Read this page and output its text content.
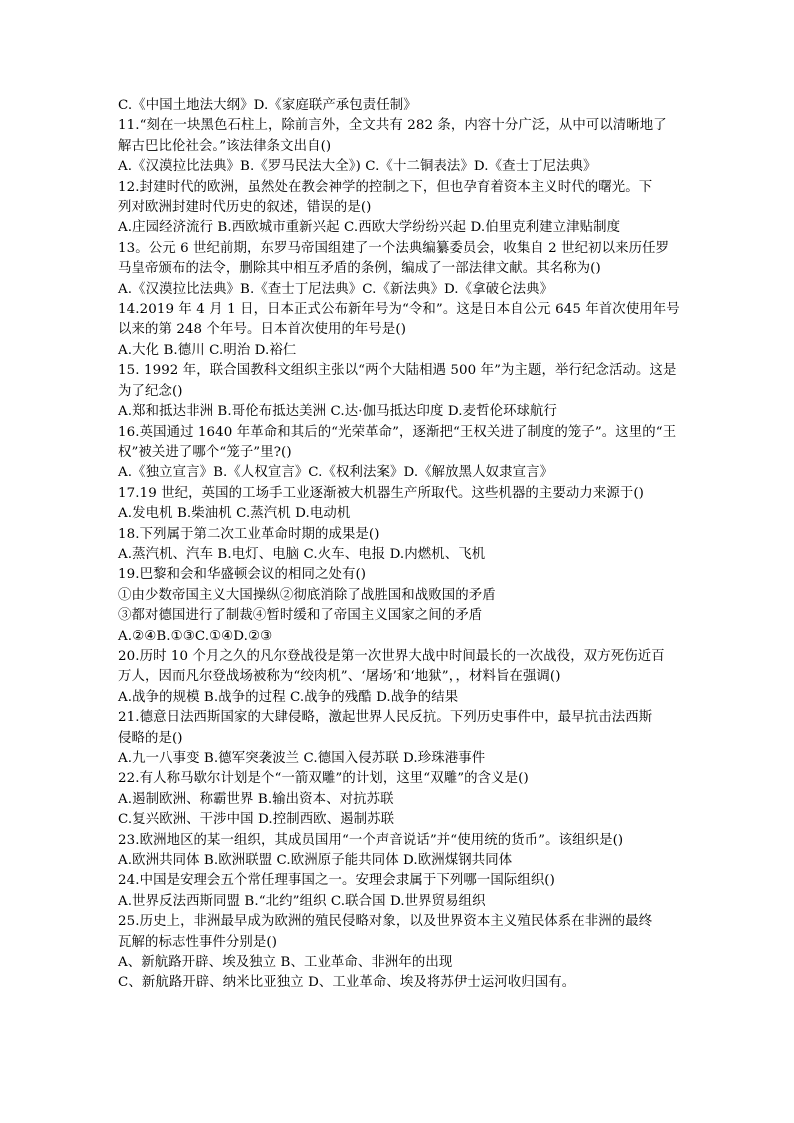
C.《中国土地法大纲》D.《家庭联产承包责任制》
11.“刻在一块黑色石柱上，除前言外，全文共有 282 条，内容十分广泛，从中可以清晰地了
解古巴比伦社会。”该法律条文出自()
A.《汉漠拉比法典》B.《罗马民法大全》) C.《十二铜表法》D.《查士丁尼法典》
12.封建时代的欧洲，虽然处在教会神学的控制之下，但也孕育着资本主义时代的曙光。下
列对欧洲封建时代历史的叙述，错误的是()
A.庄园经济流行 B.西欧城市重新兴起 C.西欧大学纷纷兴起 D.伯里克利建立津贴制度
13。公元 6 世纪前期，东罗马帝国组建了一个法典编纂委员会，收集自 2 世纪初以来历任罗
马皇帝颁布的法令，删除其中相互矛盾的条例，编成了一部法律文献。其名称为()
A.《汉漠拉比法典》B.《查士丁尼法典》C.《新法典》D.《拿破仑法典》
14.2019 年 4 月 1 日，日本正式公布新年号为“令和”。这是日本自公元 645 年首次使用年号
以来的第 248 个年号。日本首次使用的年号是()
A.大化 B.德川 C.明治 D.裕仁
15. 1992 年，联合国教科文组织主张以“两个大陆相遇 500 年”为主题，举行纪念活动。这是
为了纪念()
A.郑和抵达非洲 B.哥伦布抵达美洲 C.达·伽马抵达印度 D.麦哲伦环球航行
16.英国通过 1640 年革命和其后的“光荣革命”，逐渐把“王权关进了制度的笼子”。这里的“王
权”被关进了哪个“笼子”里?()
A.《独立宣言》B.《人权宣言》C.《权利法案》D.《解放黑人奴隶宣言》
17.19 世纪，英国的工场手工业逐渐被大机器生产所取代。这些机器的主要动力来源于()
A.发电机 B.柴油机 C.蒸汽机 D.电动机
18.下列属于第二次工业革命时期的成果是()
A.蒸汽机、汽车 B.电灯、电脑 C.火车、电报 D.内燃机、飞机
19.巴黎和会和华盛顿会议的相同之处有()
①由少数帝国主义大国操纵②彻底消除了战胜国和战败国的矛盾
③都对德国进行了制裁④暂时缓和了帝国主义国家之间的矛盾
A.②④B.①③C.①④D.②③
20.历时 10 个月之久的凡尔登战役是第一次世界大战中时间最长的一次战役，双方死伤近百
万人，因而凡尔登战场被称为“绞肉机”、‘屠场’和‘地狱”，，材料旨在强调()
A.战争的规模 B.战争的过程 C.战争的残酷 D.战争的结果
21.德意日法西斯国家的大肆侵略，激起世界人民反抗。下列历史事件中，最早抗击法西斯
侵略的是()
A.九一八事变 B.德军突袭波兰 C.德国入侵苏联 D.珍珠港事件
22.有人称马歇尔计划是个“一箭双雕”的计划，这里“双雕”的含义是()
A.遏制欧洲、称霸世界 B.输出资本、对抗苏联
C.复兴欧洲、干涉中国 D.控制西欧、遏制苏联
23.欧洲地区的某一组织，其成员国用“一个声音说话”并“使用统的货币”。该组织是()
A.欧洲共同体 B.欧洲联盟 C.欧洲原子能共同体 D.欧洲煤钢共同体
24.中国是安理会五个常任理事国之一。安理会隶属于下列哪一国际组织()
A.世界反法西斯同盟 B.“北约”组织 C.联合国 D.世界贸易组织
25.历史上，非洲最早成为欧洲的殖民侵略对象，以及世界资本主义殖民体系在非洲的最终
瓦解的标志性事件分别是()
A、新航路开辟、埃及独立 B、工业革命、非洲年的出现
C、新航路开辟、纳米比亚独立 D、工业革命、埃及将苏伊士运河收归国有。
